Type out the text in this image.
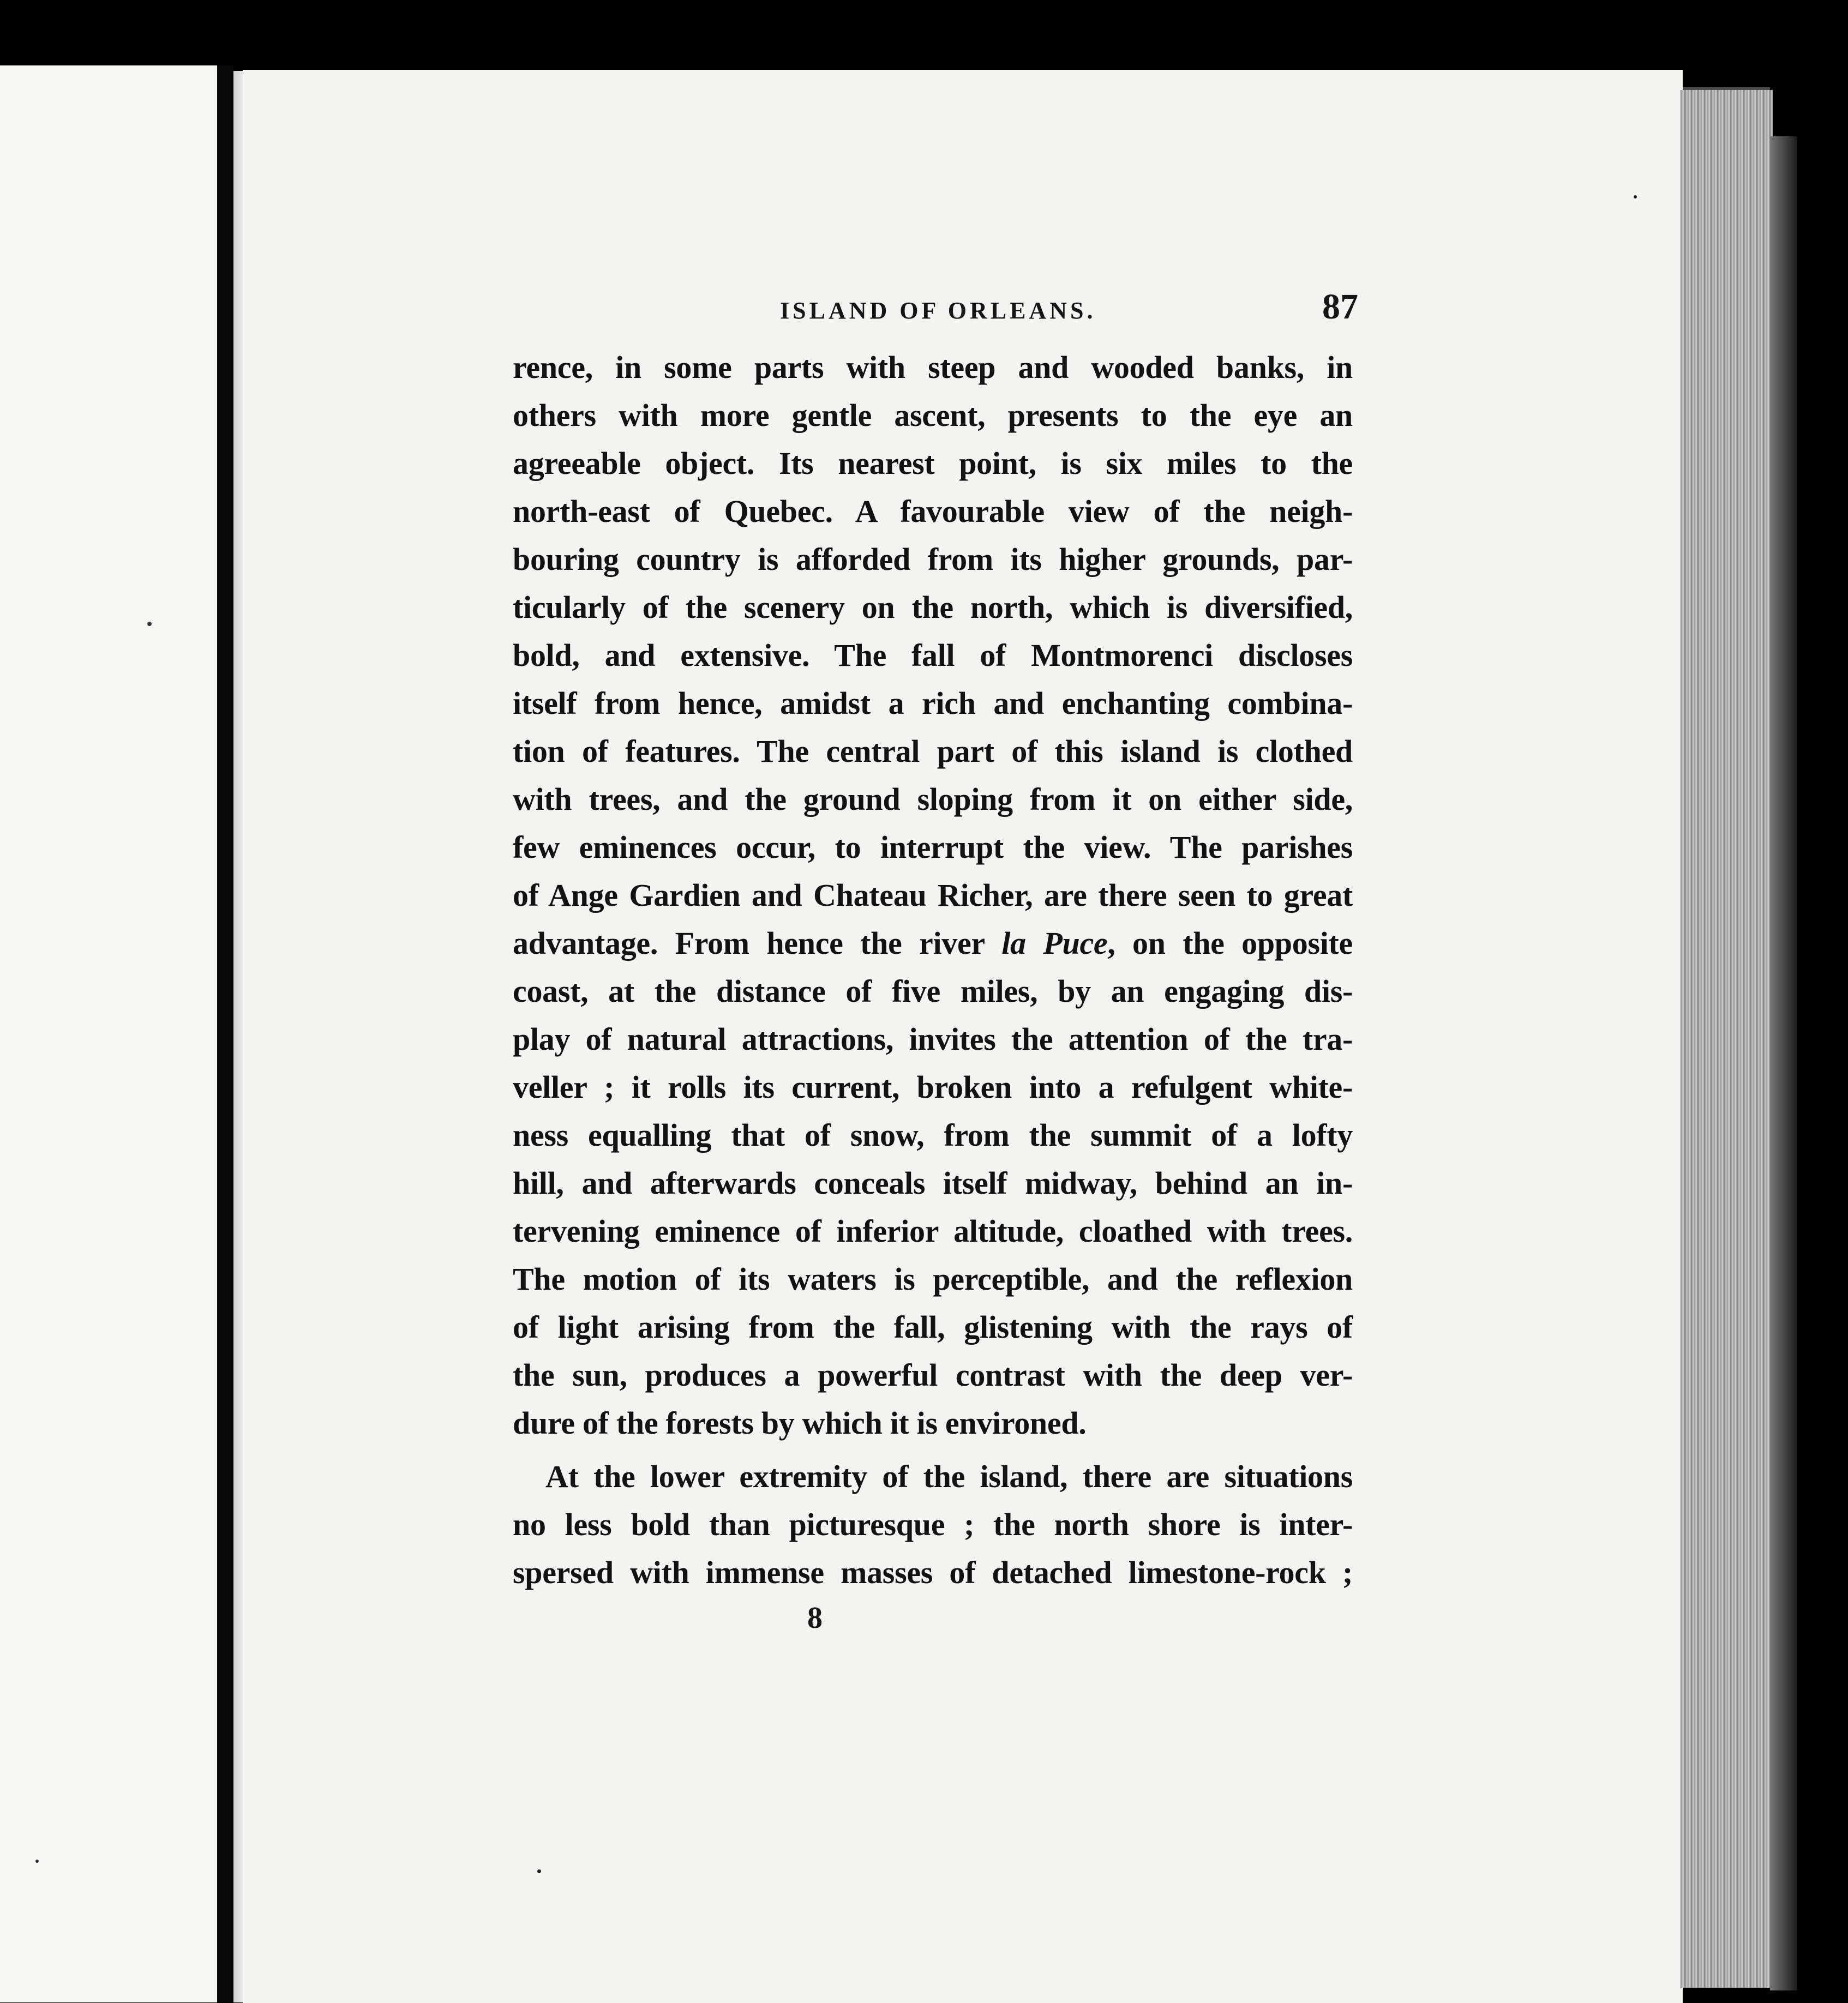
ISLAND OF ORLEANS.	87
rence, in some parts with steep and wooded banks, in
others with more gentle ascent, presents to the eye an
agreeable object. Its nearest point, is six miles to the
north-east of Quebec. A favourable view of the neigh-
bouring country is afforded from its higher grounds, par-
ticularly of the scenery on the north, which is diversified,
bold, and extensive. The fall of Montmorenci discloses
itself from hence, amidst a rich and enchanting combina-
tion of features. The central part of this island is clothed
with trees, and the ground sloping from it on either side,
few eminences occur, to interrupt the view. The parishes
of Ange Gardien and Chateau Richer, are there seen to great
advantage. From hence the river la Puce, on the opposite
coast, at the distance of five miles, by an engaging dis-
play of natural attractions, invites the attention of the tra-
veller ; it rolls its current, broken into a refulgent white-
ness equalling that of snow, from the summit of a lofty
hill, and afterwards conceals itself midway, behind an in-
tervening eminence of inferior altitude, cloathed with trees.
The motion of its waters is perceptible, and the reflexion
of light arising from the fall, glistening with the rays of
the sun, produces a powerful contrast with the deep ver-
dure of the forests by which it is environed.
At the lower extremity of the island, there are situations
no less bold than picturesque ; the north shore is inter-
spersed with immense masses of detached limestone-rock ;
8
